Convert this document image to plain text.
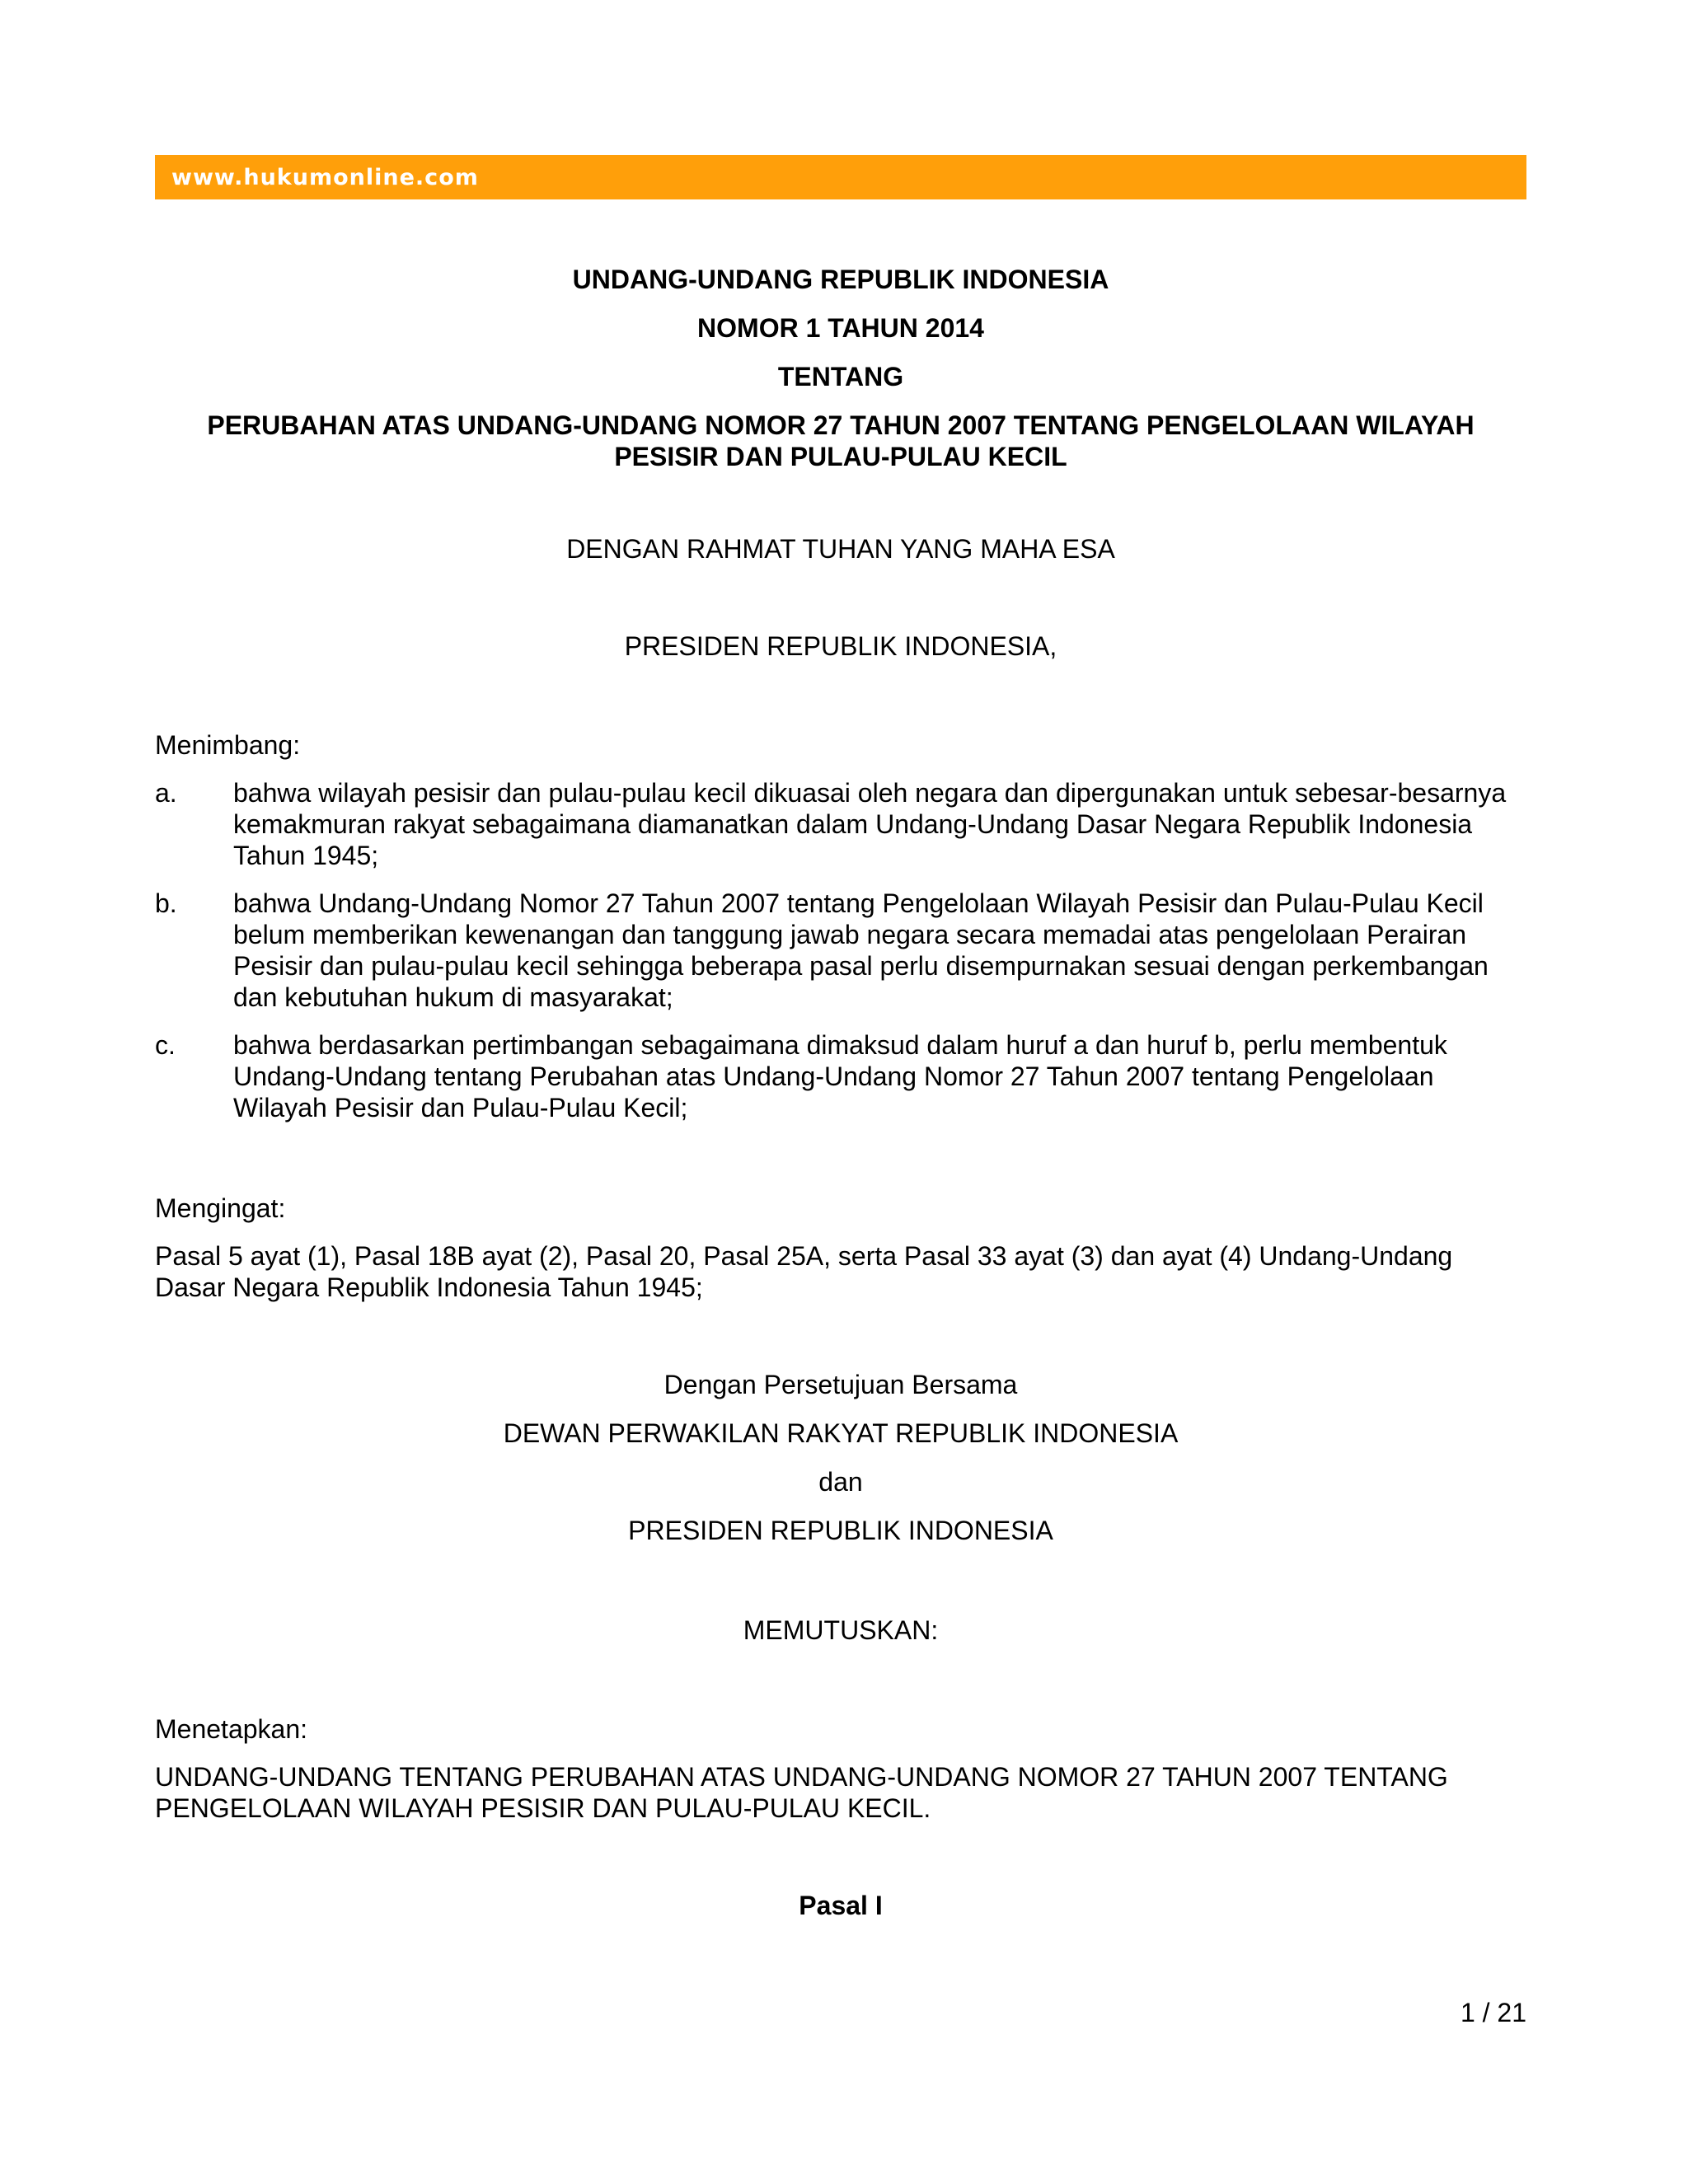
www.hukumonline.com
UNDANG-UNDANG REPUBLIK INDONESIA
NOMOR 1 TAHUN 2014
TENTANG
PERUBAHAN ATAS UNDANG-UNDANG NOMOR 27 TAHUN 2007 TENTANG PENGELOLAAN WILAYAH PESISIR DAN PULAU-PULAU KECIL
DENGAN RAHMAT TUHAN YANG MAHA ESA
PRESIDEN REPUBLIK INDONESIA,
Menimbang:
a.	bahwa wilayah pesisir dan pulau-pulau kecil dikuasai oleh negara dan dipergunakan untuk sebesar-besarnya kemakmuran rakyat sebagaimana diamanatkan dalam Undang-Undang Dasar Negara Republik Indonesia Tahun 1945;
b.	bahwa Undang-Undang Nomor 27 Tahun 2007 tentang Pengelolaan Wilayah Pesisir dan Pulau-Pulau Kecil belum memberikan kewenangan dan tanggung jawab negara secara memadai atas pengelolaan Perairan Pesisir dan pulau-pulau kecil sehingga beberapa pasal perlu disempurnakan sesuai dengan perkembangan dan kebutuhan hukum di masyarakat;
c.	bahwa berdasarkan pertimbangan sebagaimana dimaksud dalam huruf a dan huruf b, perlu membentuk Undang-Undang tentang Perubahan atas Undang-Undang Nomor 27 Tahun 2007 tentang Pengelolaan Wilayah Pesisir dan Pulau-Pulau Kecil;
Mengingat:
Pasal 5 ayat (1), Pasal 18B ayat (2), Pasal 20, Pasal 25A, serta Pasal 33 ayat (3) dan ayat (4) Undang-Undang Dasar Negara Republik Indonesia Tahun 1945;
Dengan Persetujuan Bersama
DEWAN PERWAKILAN RAKYAT REPUBLIK INDONESIA
dan
PRESIDEN REPUBLIK INDONESIA
MEMUTUSKAN:
Menetapkan:
UNDANG-UNDANG TENTANG PERUBAHAN ATAS UNDANG-UNDANG NOMOR 27 TAHUN 2007 TENTANG PENGELOLAAN WILAYAH PESISIR DAN PULAU-PULAU KECIL.
Pasal I
1 / 21
